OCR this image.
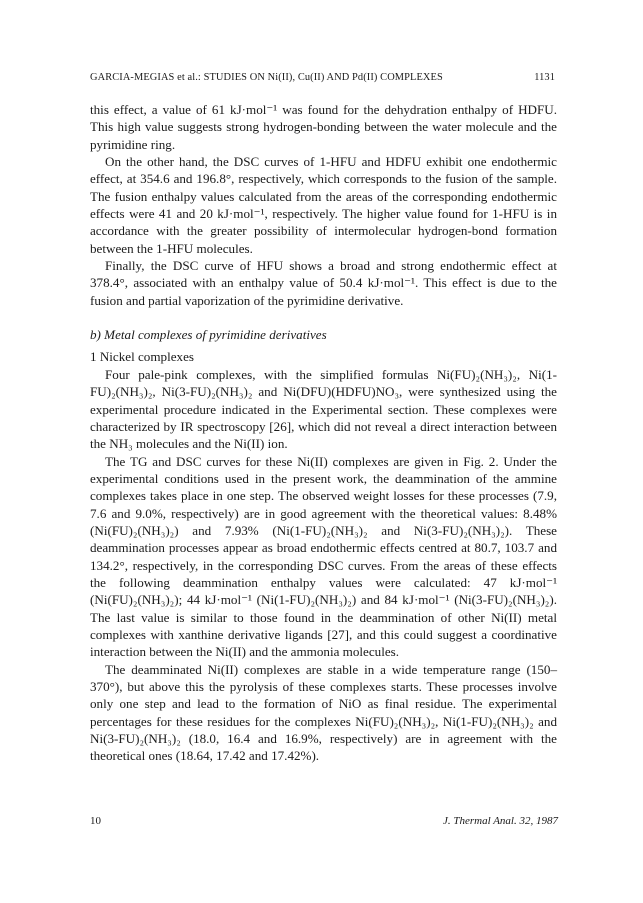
GARCIA-MEGIAS et al.: STUDIES ON Ni(II), Cu(II) AND Pd(II) COMPLEXES	1131

this effect, a value of 61 kJ·mol⁻¹ was found for the dehydration enthalpy of HDFU. This high value suggests strong hydrogen-bonding between the water molecule and the pyrimidine ring.

On the other hand, the DSC curves of 1-HFU and HDFU exhibit one endothermic effect, at 354.6 and 196.8°, respectively, which corresponds to the fusion of the sample. The fusion enthalpy values calculated from the areas of the corresponding endothermic effects were 41 and 20 kJ·mol⁻¹, respectively. The higher value found for 1-HFU is in accordance with the greater possibility of intermolecular hydrogen-bond formation between the 1-HFU molecules.

Finally, the DSC curve of HFU shows a broad and strong endothermic effect at 378.4°, associated with an enthalpy value of 50.4 kJ·mol⁻¹. This effect is due to the fusion and partial vaporization of the pyrimidine derivative.

b) Metal complexes of pyrimidine derivatives

1 Nickel complexes

Four pale-pink complexes, with the simplified formulas Ni(FU)₂(NH₃)₂, Ni(1-FU)₂(NH₃)₂, Ni(3-FU)₂(NH₃)₂ and Ni(DFU)(HDFU)NO₃, were synthesized using the experimental procedure indicated in the Experimental section. These complexes were characterized by IR spectroscopy [26], which did not reveal a direct interaction between the NH₃ molecules and the Ni(II) ion.

The TG and DSC curves for these Ni(II) complexes are given in Fig. 2. Under the experimental conditions used in the present work, the deammination of the ammine complexes takes place in one step. The observed weight losses for these processes (7.9, 7.6 and 9.0%, respectively) are in good agreement with the theoretical values: 8.48% (Ni(FU)₂(NH₃)₂) and 7.93% (Ni(1-FU)₂(NH₃)₂ and Ni(3-FU)₂(NH₃)₂). These deammination processes appear as broad endothermic effects centred at 80.7, 103.7 and 134.2°, respectively, in the corresponding DSC curves. From the areas of these effects the following deammination enthalpy values were calculated: 47 kJ·mol⁻¹ (Ni(FU)₂(NH₃)₂); 44 kJ·mol⁻¹ (Ni(1-FU)₂(NH₃)₂) and 84 kJ·mol⁻¹ (Ni(3-FU)₂(NH₃)₂). The last value is similar to those found in the deammination of other Ni(II) metal complexes with xanthine derivative ligands [27], and this could suggest a coordinative interaction between the Ni(II) and the ammonia molecules.

The deamminated Ni(II) complexes are stable in a wide temperature range (150–370°), but above this the pyrolysis of these complexes starts. These processes involve only one step and lead to the formation of NiO as final residue. The experimental percentages for these residues for the complexes Ni(FU)₂(NH₃)₂, Ni(1-FU)₂(NH₃)₂ and Ni(3-FU)₂(NH₃)₂ (18.0, 16.4 and 16.9%, respectively) are in agreement with the theoretical ones (18.64, 17.42 and 17.42%).

10	J. Thermal Anal. 32, 1987
